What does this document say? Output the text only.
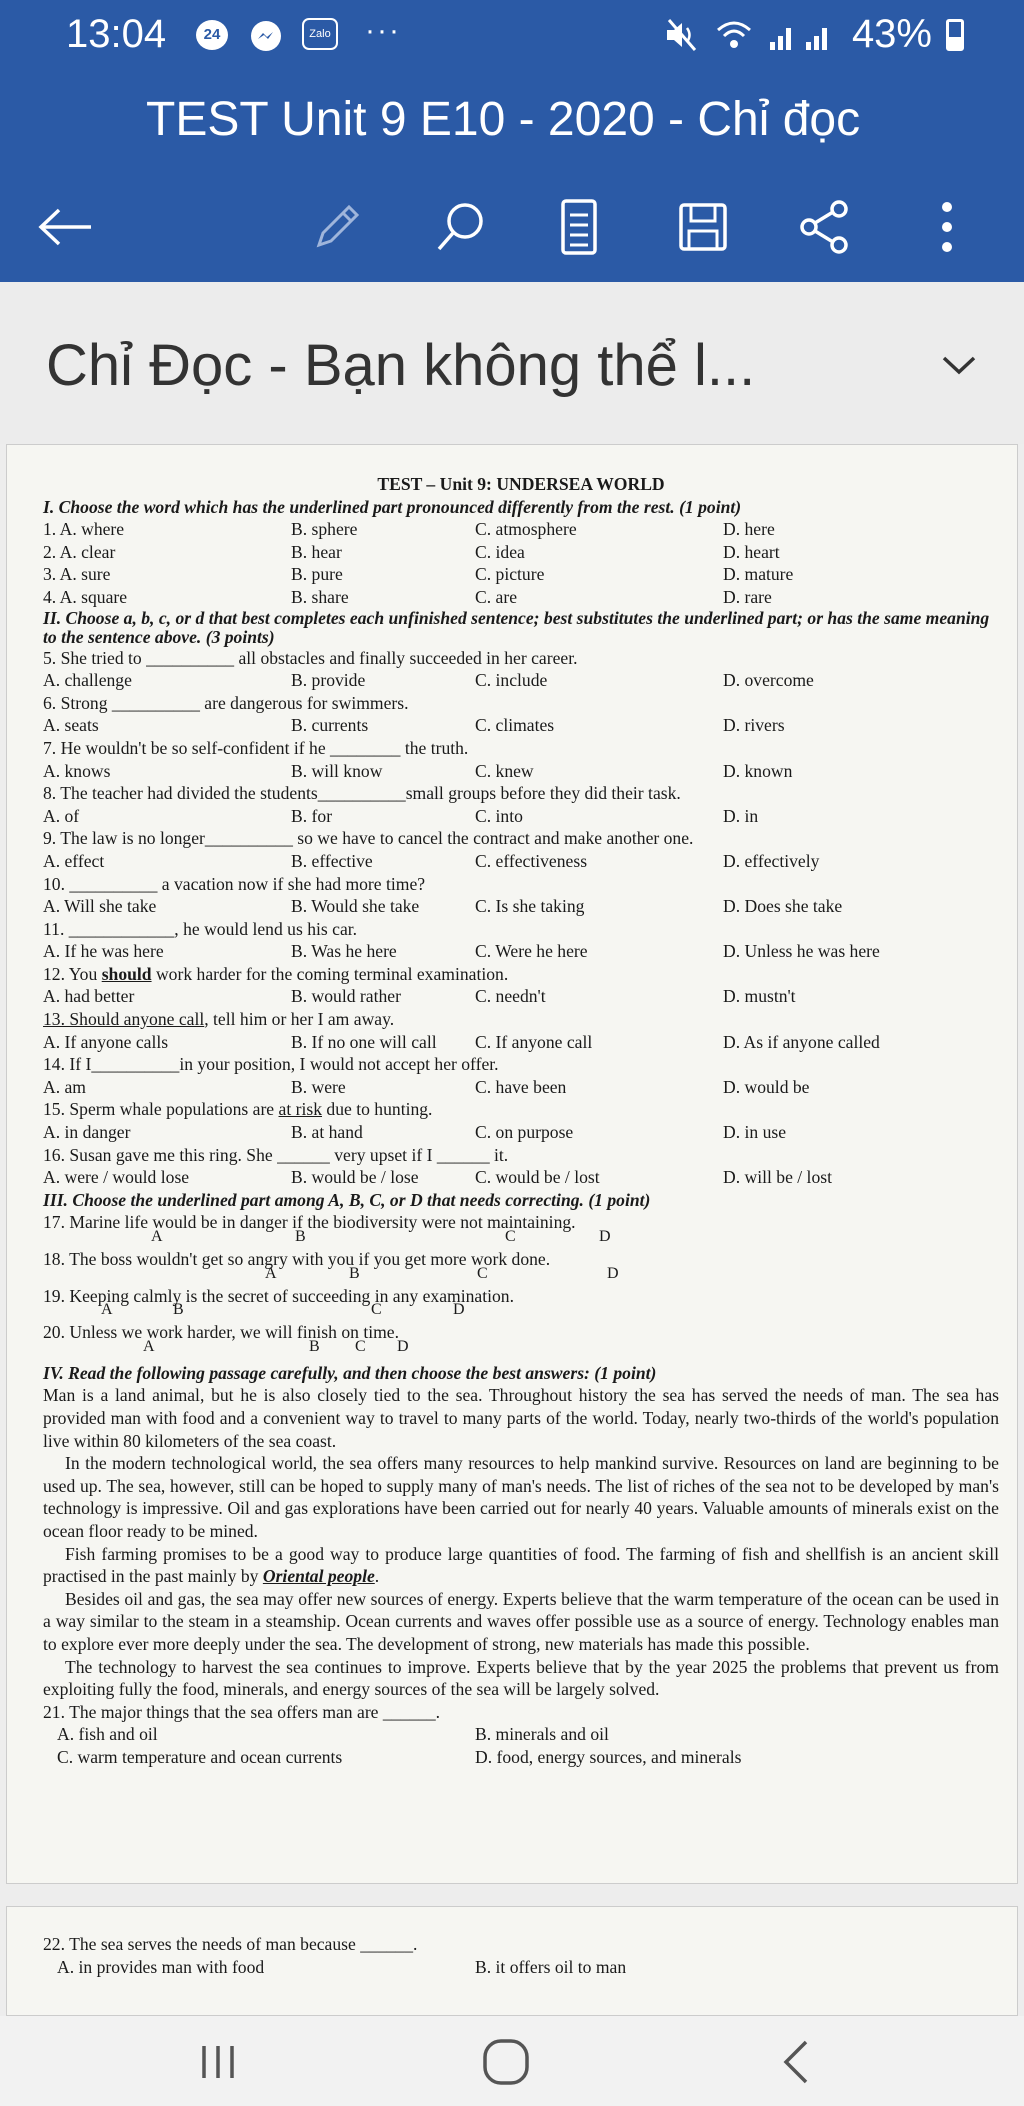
13:04	24	Zalo ···	43%
TEST Unit 9 E10 - 2020 - Chỉ đọc
Chỉ Đọc - Bạn không thể l...
TEST – Unit 9: UNDERSEA WORLD
I. Choose the word which has the underlined part pronounced differently from the rest. (1 point)
1. A. where	B. sphere	C. atmosphere	D. here
2. A. clear	B. hear	C. idea	D. heart
3. A. sure	B. pure	C. picture	D. mature
4. A. square	B. share	C. are	D. rare
II. Choose a, b, c, or d that best completes each unfinished sentence; best substitutes the underlined part; or has the same meaning to the sentence above. (3 points)
5. She tried to __________ all obstacles and finally succeeded in her career.
A. challenge	B. provide	C. include	D. overcome
6. Strong __________ are dangerous for swimmers.
A. seats	B. currents	C. climates	D. rivers
7. He wouldn't be so self-confident if he ________ the truth.
A. knows	B. will know	C. knew	D. known
8. The teacher had divided the students__________small groups before they did their task.
A. of	B. for	C. into	D. in
9. The law is no longer__________ so we have to cancel the contract and make another one.
A. effect	B. effective	C. effectiveness	D. effectively
10. __________ a vacation now if she had more time?
A. Will she take	B. Would she take	C. Is she taking	D. Does she take
11. ____________, he would lend us his car.
A. If he was here	B. Was he here	C. Were he here	D. Unless he was here
12. You should work harder for the coming terminal examination.
A. had better	B. would rather	C. needn't	D. mustn't
13. Should anyone call, tell him or her I am away.
A. If anyone calls	B. If no one will call C. If anyone call	D. As if anyone called
14. If I__________in your position, I would not accept her offer.
A. am	B. were	C. have been	D. would be
15. Sperm whale populations are at risk due to hunting.
A. in danger	B. at hand	C. on purpose	D. in use
16. Susan gave me this ring. She ______ very upset if I ______ it.
A. were / would lose	B. would be / lose	C. would be / lost	D. will be / lost
III. Choose the underlined part among A, B, C, or D that needs correcting. (1 point)
17. Marine life would be in danger if the biodiversity were not maintaining.
A	B	C	D
18. The boss wouldn't get so angry with you if you get more work done.
A	B	C	D
19. Keeping calmly is the secret of succeeding in any examination.
A	B	C	D
20. Unless we work harder, we will finish on time.
A	B C D
IV. Read the following passage carefully, and then choose the best answers: (1 point)
Man is a land animal, but he is also closely tied to the sea. Throughout history the sea has served the needs of man. The sea has provided man with food and a convenient way to travel to many parts of the world. Today, nearly two-thirds of the world's population live within 80 kilometers of the sea coast.
In the modern technological world, the sea offers many resources to help mankind survive. Resources on land are beginning to be used up. The sea, however, still can be hoped to supply many of man's needs. The list of riches of the sea not to be developed by man's technology is impressive. Oil and gas explorations have been carried out for nearly 40 years. Valuable amounts of minerals exist on the ocean floor ready to be mined.
Fish farming promises to be a good way to produce large quantities of food. The farming of fish and shellfish is an ancient skill practised in the past mainly by Oriental people.
Besides oil and gas, the sea may offer new sources of energy. Experts believe that the warm temperature of the ocean can be used in a way similar to the steam in a steamship. Ocean currents and waves offer possible use as a source of energy. Technology enables man to explore ever more deeply under the sea. The development of strong, new materials has made this possible.
The technology to harvest the sea continues to improve. Experts believe that by the year 2025 the problems that prevent us from exploiting fully the food, minerals, and energy sources of the sea will be largely solved.
21. The major things that the sea offers man are ______.
A. fish and oil	B. minerals and oil
C. warm temperature and ocean currents	D. food, energy sources, and minerals
22. The sea serves the needs of man because ______.
A. in provides man with food	B. it offers oil to man
